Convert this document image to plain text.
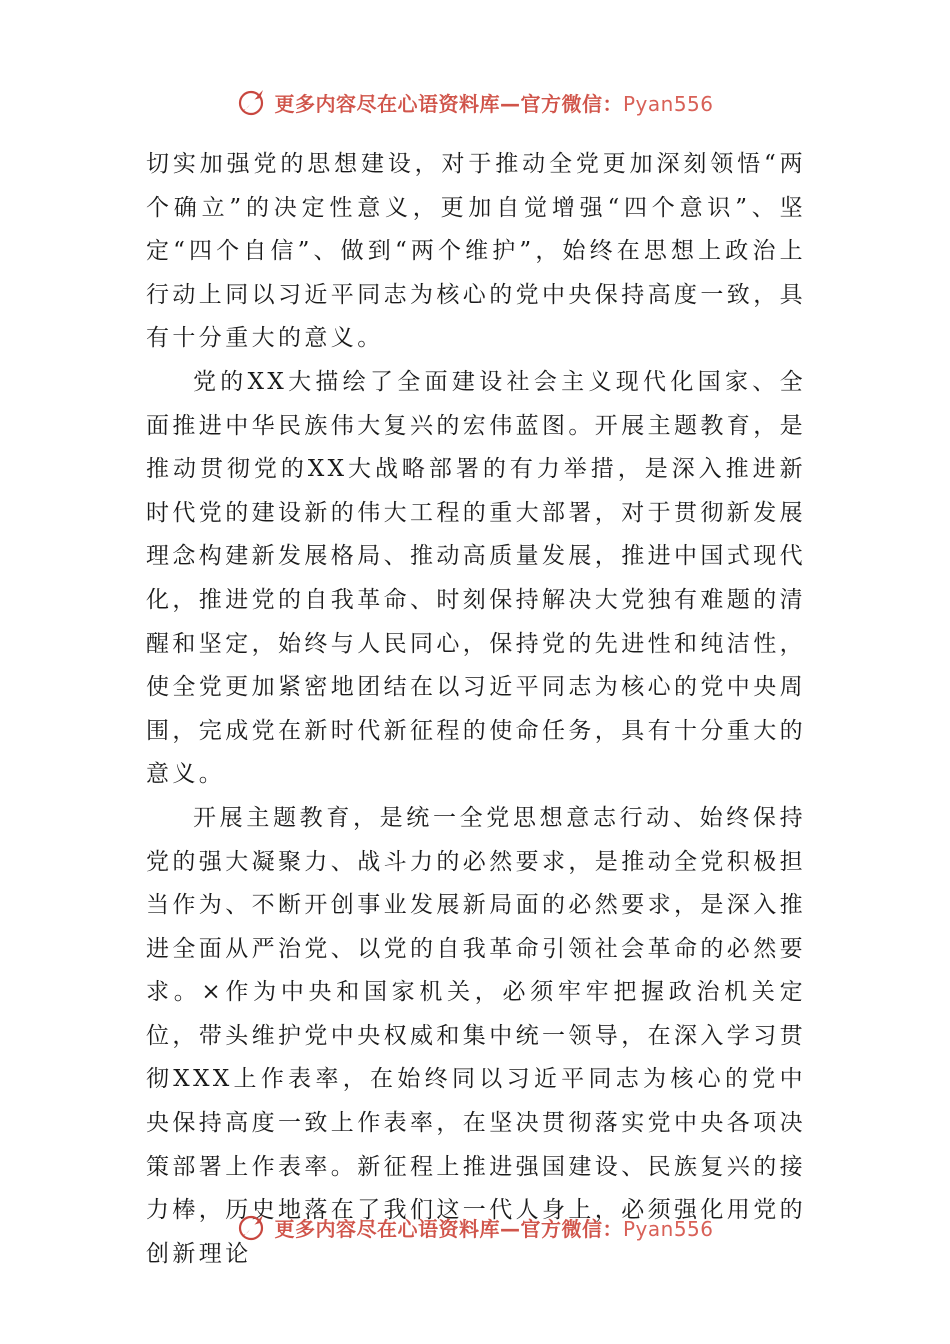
更多内容尽在心语资料库—官方微信：Pyan556

切实加强党的思想建设，对于推动全党更加深刻领悟“两个确立”的决定性意义，更加自觉增强“四个意识”、坚定“四个自信”、做到“两个维护”，始终在思想上政治上行动上同以习近平同志为核心的党中央保持高度一致，具有十分重大的意义。

党的XX大描绘了全面建设社会主义现代化国家、全面推进中华民族伟大复兴的宏伟蓝图。开展主题教育，是推动贯彻党的XX大战略部署的有力举措，是深入推进新时代党的建设新的伟大工程的重大部署，对于贯彻新发展理念构建新发展格局、推动高质量发展，推进中国式现代化，推进党的自我革命、时刻保持解决大党独有难题的清醒和坚定，始终与人民同心，保持党的先进性和纯洁性，使全党更加紧密地团结在以习近平同志为核心的党中央周围，完成党在新时代新征程的使命任务，具有十分重大的意义。

开展主题教育，是统一全党思想意志行动、始终保持党的强大凝聚力、战斗力的必然要求，是推动全党积极担当作为、不断开创事业发展新局面的必然要求，是深入推进全面从严治党、以党的自我革命引领社会革命的必然要求。×作为中央和国家机关，必须牢牢把握政治机关定位，带头维护党中央权威和集中统一领导，在深入学习贯彻XXX上作表率，在始终同以习近平同志为核心的党中央保持高度一致上作表率，在坚决贯彻落实党中央各项决策部署上作表率。新征程上推进强国建设、民族复兴的接力棒，历史地落在了我们这一代人身上，必须强化用党的创新理论

更多内容尽在心语资料库—官方微信：Pyan556
